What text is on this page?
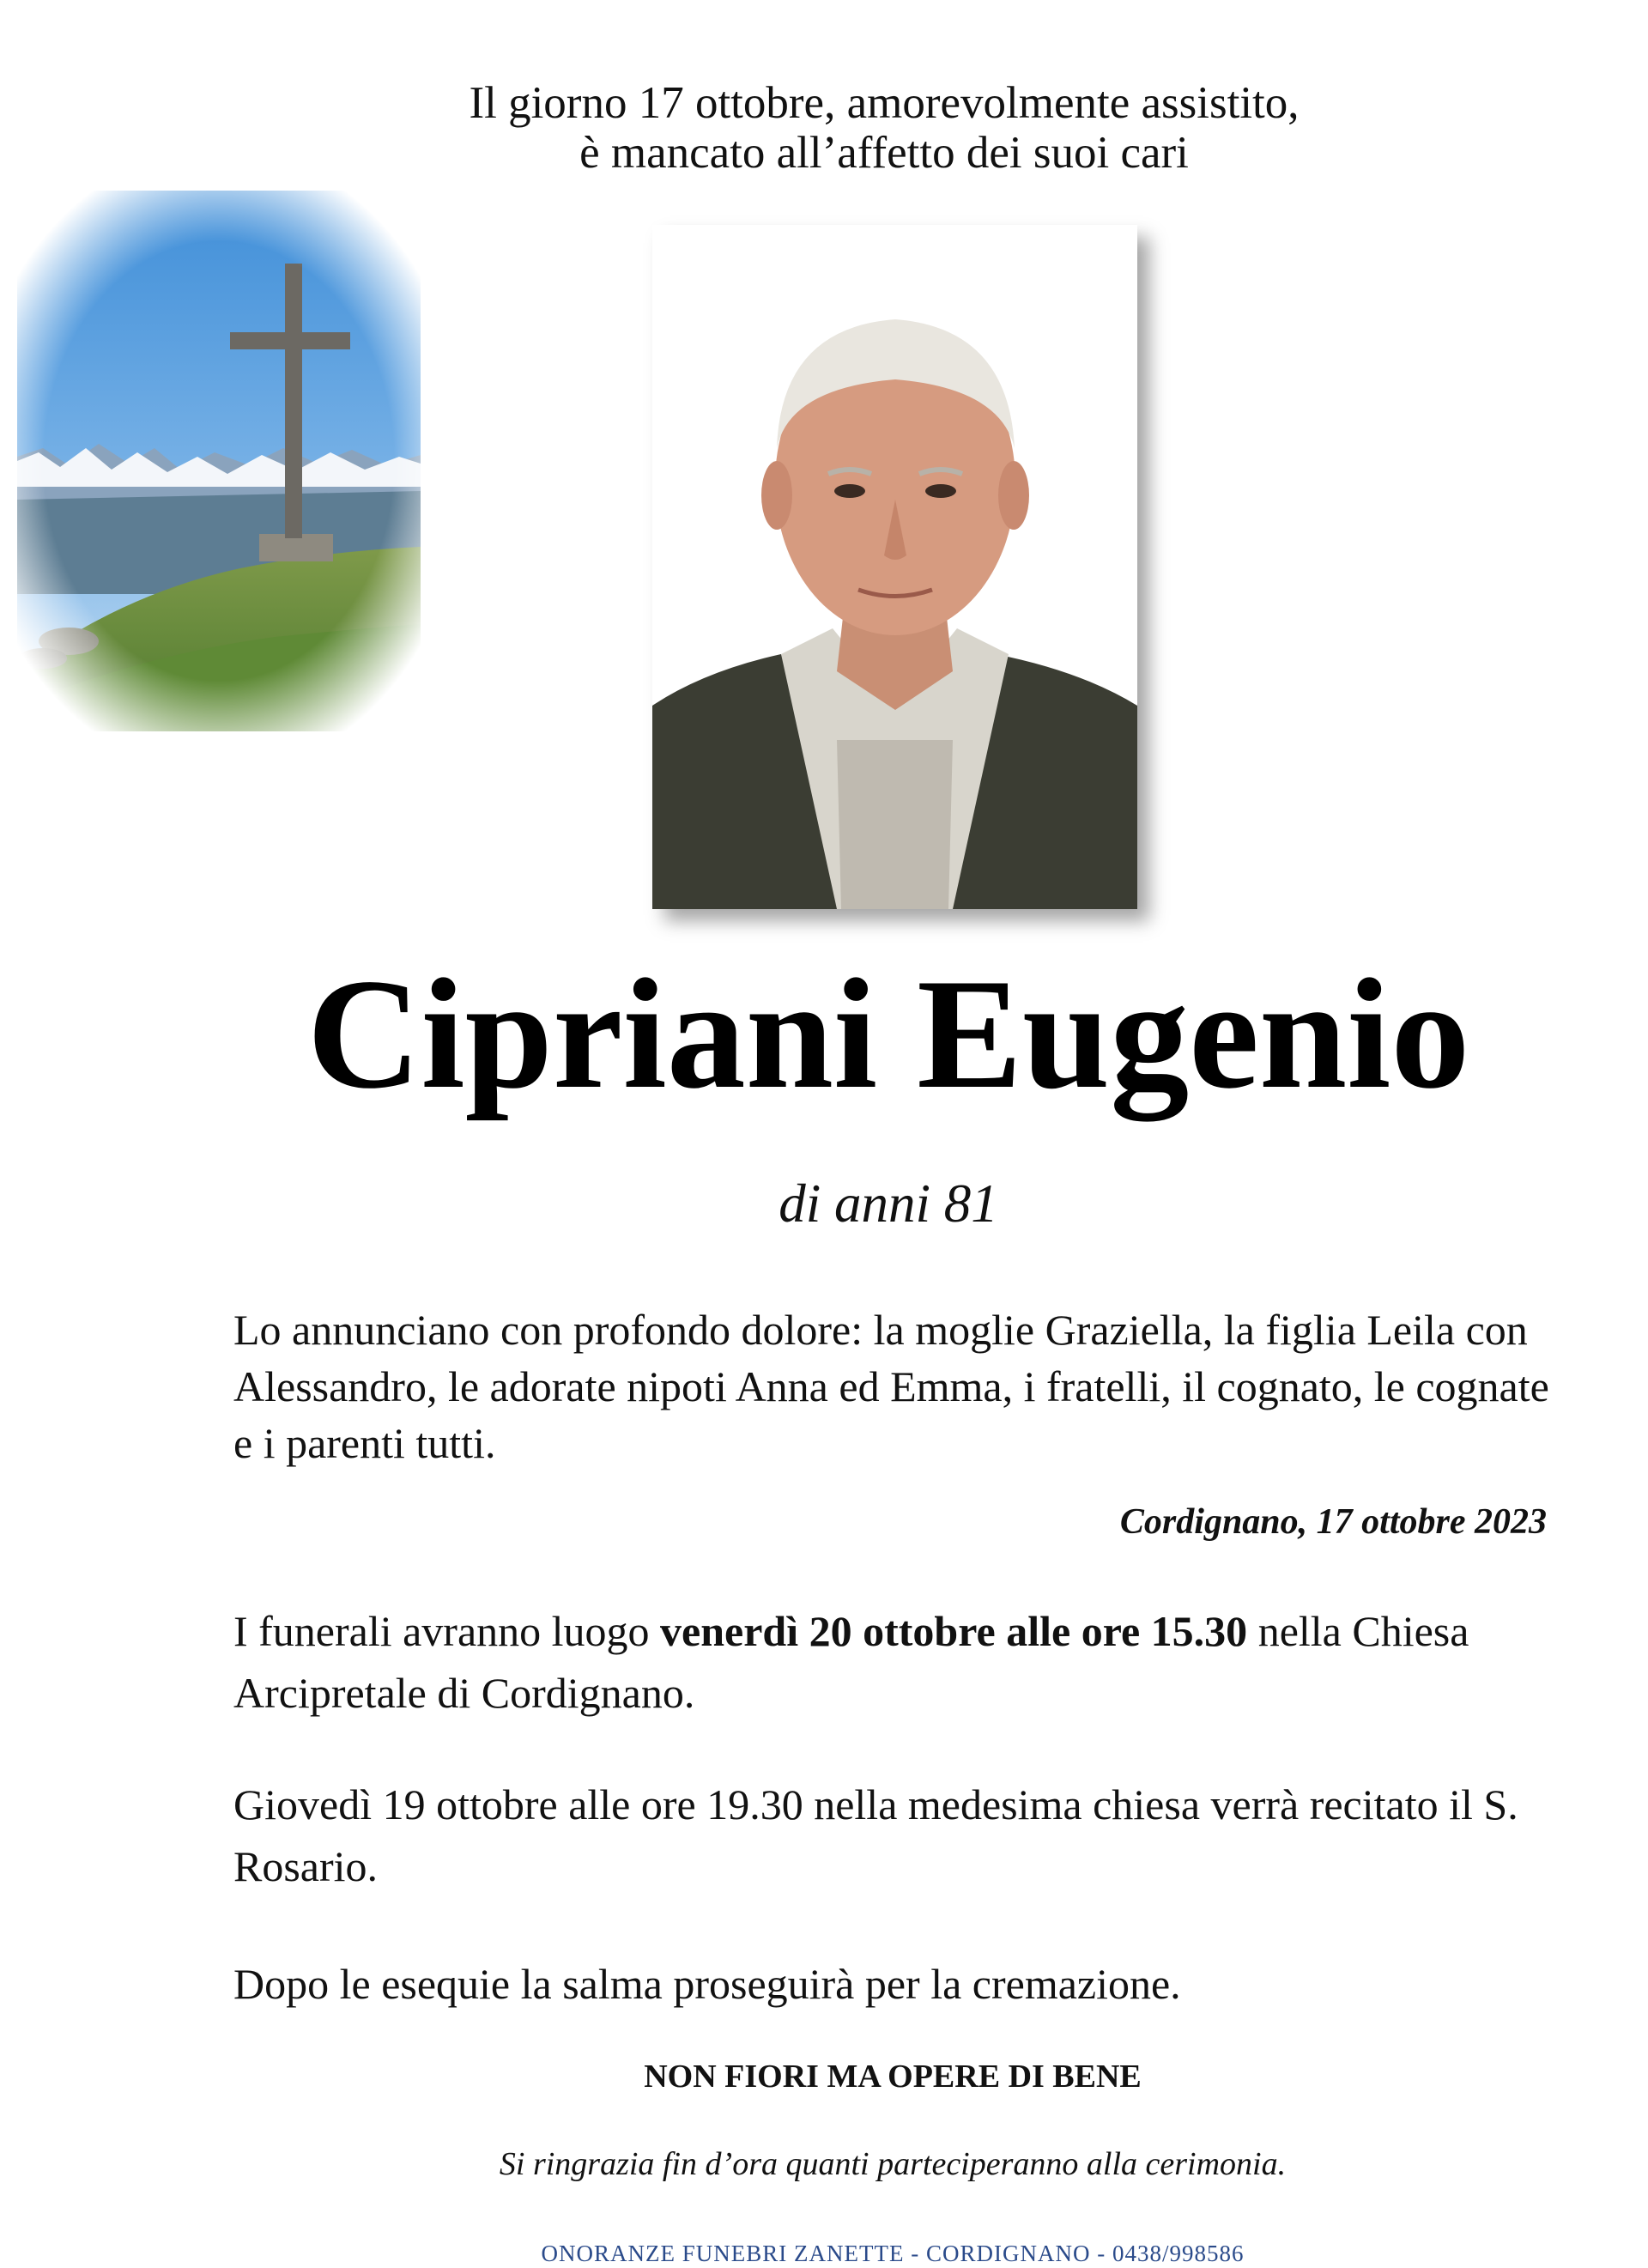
Il giorno 17 ottobre, amorevolmente assistito,
è mancato all’affetto dei suoi cari
Cipriani Eugenio
di anni 81
Lo annunciano con profondo dolore: la moglie Graziella, la figlia Leila con Alessandro, le adorate nipoti Anna ed Emma, i fratelli, il cognato, le cognate e i parenti tutti.
Cordignano, 17 ottobre 2023
I funerali avranno luogo venerdì 20 ottobre alle ore 15.30 nella Chiesa Arcipretale di Cordignano.
Giovedì 19 ottobre alle ore 19.30 nella medesima chiesa verrà recitato il S. Rosario.
Dopo le esequie la salma proseguirà per la cremazione.
NON FIORI MA OPERE DI BENE
Si ringrazia fin d’ora quanti parteciperanno alla cerimonia.
ONORANZE FUNEBRI ZANETTE - CORDIGNANO - 0438/998586
